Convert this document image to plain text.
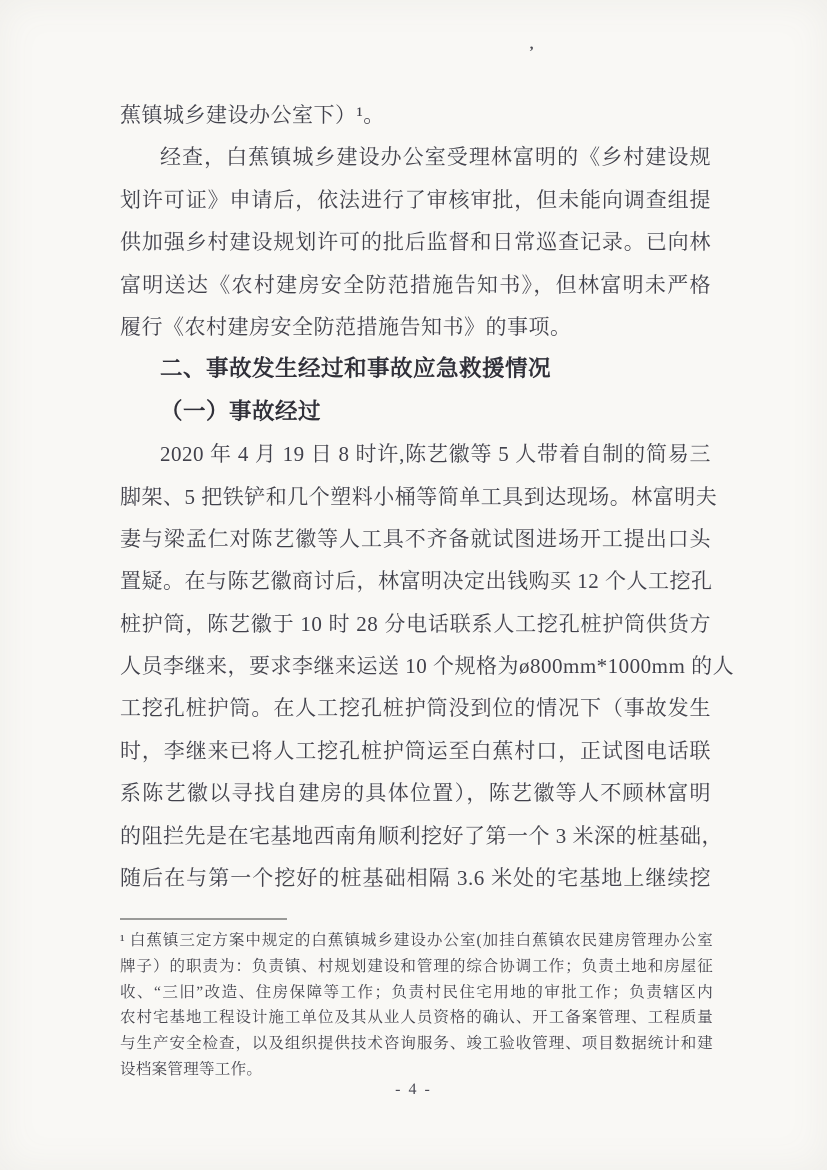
’
蕉镇城乡建设办公室下）¹。
经查，白蕉镇城乡建设办公室受理林富明的《乡村建设规
划许可证》申请后，依法进行了审核审批，但未能向调查组提
供加强乡村建设规划许可的批后监督和日常巡查记录。已向林
富明送达《农村建房安全防范措施告知书》，但林富明未严格
履行《农村建房安全防范措施告知书》的事项。
二、事故发生经过和事故应急救援情况
（一）事故经过
2020 年 4 月 19 日 8 时许,陈艺徽等 5 人带着自制的简易三
脚架、5 把铁铲和几个塑料小桶等简单工具到达现场。林富明夫
妻与梁孟仁对陈艺徽等人工具不齐备就试图进场开工提出口头
置疑。在与陈艺徽商讨后，林富明决定出钱购买 12 个人工挖孔
桩护筒，陈艺徽于 10 时 28 分电话联系人工挖孔桩护筒供货方
人员李继来，要求李继来运送 10 个规格为ø800mm*1000mm 的人
工挖孔桩护筒。在人工挖孔桩护筒没到位的情况下（事故发生
时，李继来已将人工挖孔桩护筒运至白蕉村口，正试图电话联
系陈艺徽以寻找自建房的具体位置），陈艺徽等人不顾林富明
的阻拦先是在宅基地西南角顺利挖好了第一个 3 米深的桩基础，
随后在与第一个挖好的桩基础相隔 3.6 米处的宅基地上继续挖
¹ 白蕉镇三定方案中规定的白蕉镇城乡建设办公室(加挂白蕉镇农民建房管理办公室
牌子）的职责为：负责镇、村规划建设和管理的综合协调工作；负责土地和房屋征
收、“三旧”改造、住房保障等工作；负责村民住宅用地的审批工作；负责辖区内
农村宅基地工程设计施工单位及其从业人员资格的确认、开工备案管理、工程质量
与生产安全检查，以及组织提供技术咨询服务、竣工验收管理、项目数据统计和建
设档案管理等工作。
- 4 -
